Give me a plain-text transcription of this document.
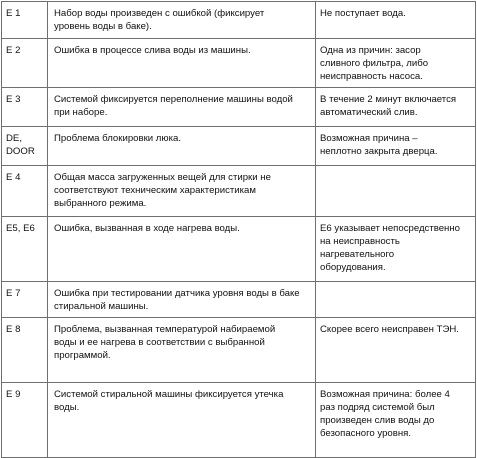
E 1	Набор воды произведен с ошибкой (фиксирует
уровень воды в баке).	Не поступает вода.
E 2	Ошибка в процессе слива воды из машины.	Одна из причин: засор
сливного фильтра, либо
неисправность насоса.
E 3	Системой фиксируется переполнение машины водой
при наборе.	В течение 2 минут включается
автоматический слив.
DE,
DOOR	Проблема блокировки люка.	Возможная причина –
неплотно закрыта дверца.
E 4	Общая масса загруженных вещей для стирки не
соответствуют техническим характеристикам
выбранного режима.	
E5, E6	Ошибка, вызванная в ходе нагрева воды.	E6 указывает непосредственно
на неисправность
нагревательного
оборудования.
E 7	Ошибка при тестировании датчика уровня воды в баке
стиральной машины.	
E 8	Проблема, вызванная температурой набираемой
воды и ее нагрева в соответствии с выбранной
программой.	Скорее всего неисправен ТЭН.
E 9	Системой стиральной машины фиксируется утечка
воды.	Возможная причина: более 4
раз подряд системой был
произведен слив воды до
безопасного уровня.
